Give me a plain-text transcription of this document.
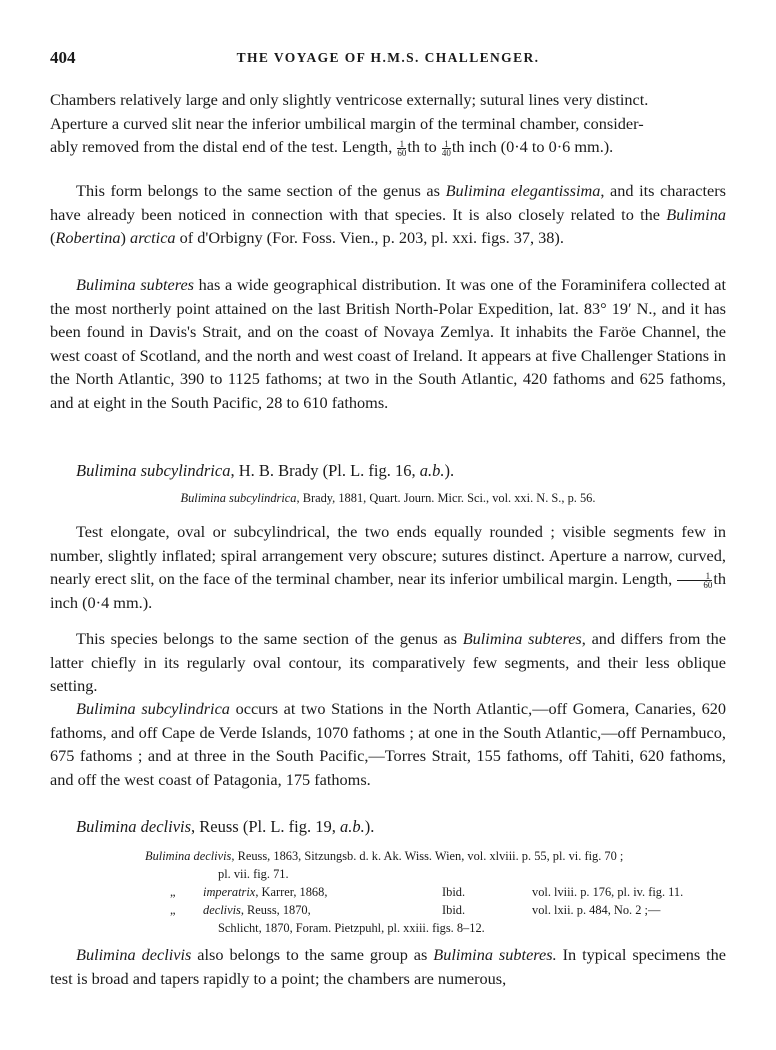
404	THE VOYAGE OF H.M.S. CHALLENGER.
Chambers relatively large and only slightly ventricose externally; sutural lines very distinct.
Aperture a curved slit near the inferior umbilical margin of the terminal chamber, consider-
ably removed from the distal end of the test. Length, $\frac{1}{60}$ th to $\frac{1}{40}$ th inch (0·4 to 0·6 mm.).
This form belongs to the same section of the genus as Bulimina elegantissima, and its characters have already been noticed in connection with that species. It is also closely related to the Bulimina (Robertina) arctica of d'Orbigny (For. Foss. Vien., p. 203, pl. xxi. figs. 37, 38).
Bulimina subteres has a wide geographical distribution. It was one of the Foraminifera collected at the most northerly point attained on the last British North-Polar Expedition, lat. 83° 19′ N., and it has been found in Davis's Strait, and on the coast of Novaya Zemlya. It inhabits the Faröe Channel, the west coast of Scotland, and the north and west coast of Ireland. It appears at five Challenger Stations in the North Atlantic, 390 to 1125 fathoms; at two in the South Atlantic, 420 fathoms and 625 fathoms, and at eight in the South Pacific, 28 to 610 fathoms.
Bulimina subcylindrica, H. B. Brady (Pl. L. fig. 16, a.b.).
Bulimina subcylindrica, Brady, 1881, Quart. Journ. Micr. Sci., vol. xxi. N. S., p. 56.
Test elongate, oval or subcylindrical, the two ends equally rounded ; visible segments few in number, slightly inflated; spiral arrangement very obscure; sutures distinct. Aperture a narrow, curved, nearly erect slit, on the face of the terminal chamber, near its inferior umbilical margin. Length, $\frac{1}{60}$ th inch (0·4 mm.).
This species belongs to the same section of the genus as Bulimina subteres, and differs from the latter chiefly in its regularly oval contour, its comparatively few segments, and their less oblique setting.
Bulimina subcylindrica occurs at two Stations in the North Atlantic,—off Gomera, Canaries, 620 fathoms, and off Cape de Verde Islands, 1070 fathoms ; at one in the South Atlantic,—off Pernambuco, 675 fathoms ; and at three in the South Pacific,—Torres Strait, 155 fathoms, off Tahiti, 620 fathoms, and off the west coast of Patagonia, 175 fathoms.
Bulimina declivis, Reuss (Pl. L. fig. 19, a.b.).
Bulimina declivis, Reuss, 1863, Sitzungsb. d. k. Ak. Wiss. Wien, vol. xlviii. p. 55, pl. vi. fig. 70 ;
pl. vii. fig. 71.
„ imperatrix, Karrer, 1868,	Ibid.	vol. lviii. p. 176, pl. iv. fig. 11.
„ declivis, Reuss, 1870,	Ibid.	vol. lxii. p. 484, No. 2 ;—
Schlicht, 1870, Foram. Pietzpuhl, pl. xxiii. figs. 8–12.
Bulimina declivis also belongs to the same group as Bulimina subteres. In typical specimens the test is broad and tapers rapidly to a point; the chambers are numerous,
